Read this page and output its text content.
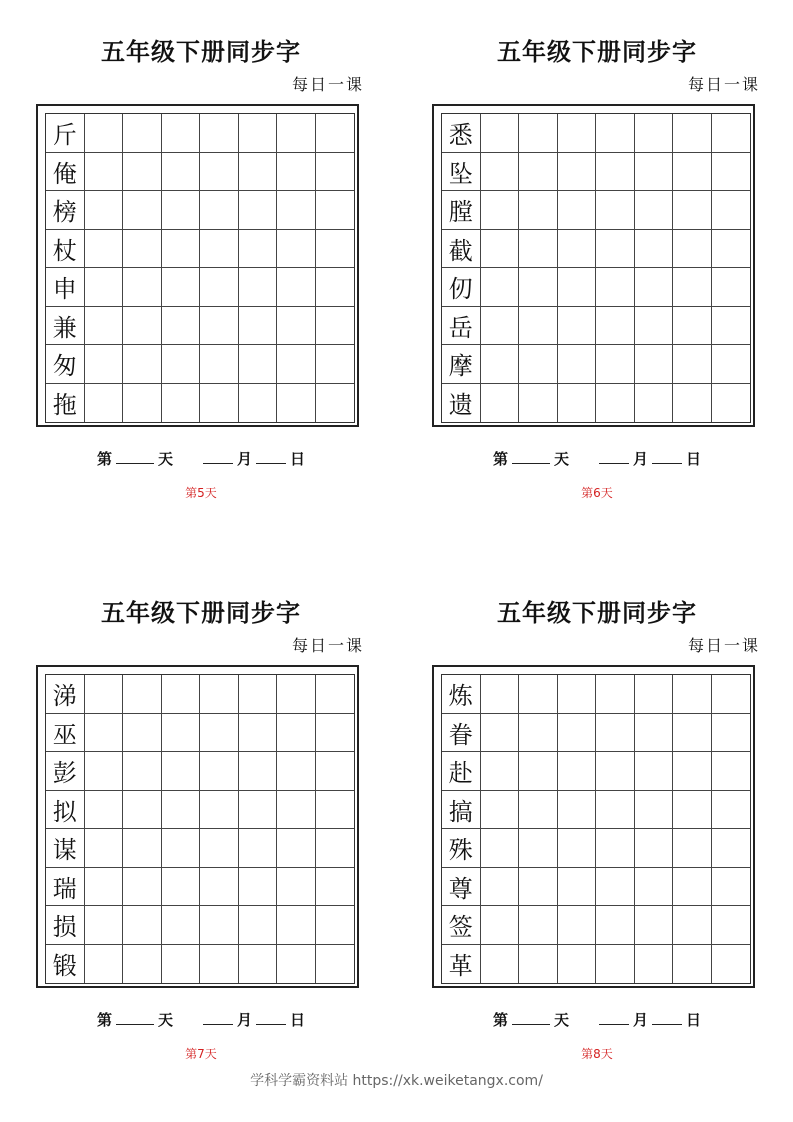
五年级下册同步字
每日一课
斤
俺
榜
杖
申
兼
匆
拖
第	天	月	日
第5天
五年级下册同步字
每日一课
悉
坠
膛
截
仞
岳
摩
遗
第	天	月	日
第6天
五年级下册同步字
每日一课
涕
巫
彭
拟
谋
瑞
损
锻
第	天	月	日
第7天
五年级下册同步字
每日一课
炼
眷
赴
搞
殊
尊
签
革
第	天	月	日
第8天
学科学霸资料站 https://xk.weiketangx.com/
